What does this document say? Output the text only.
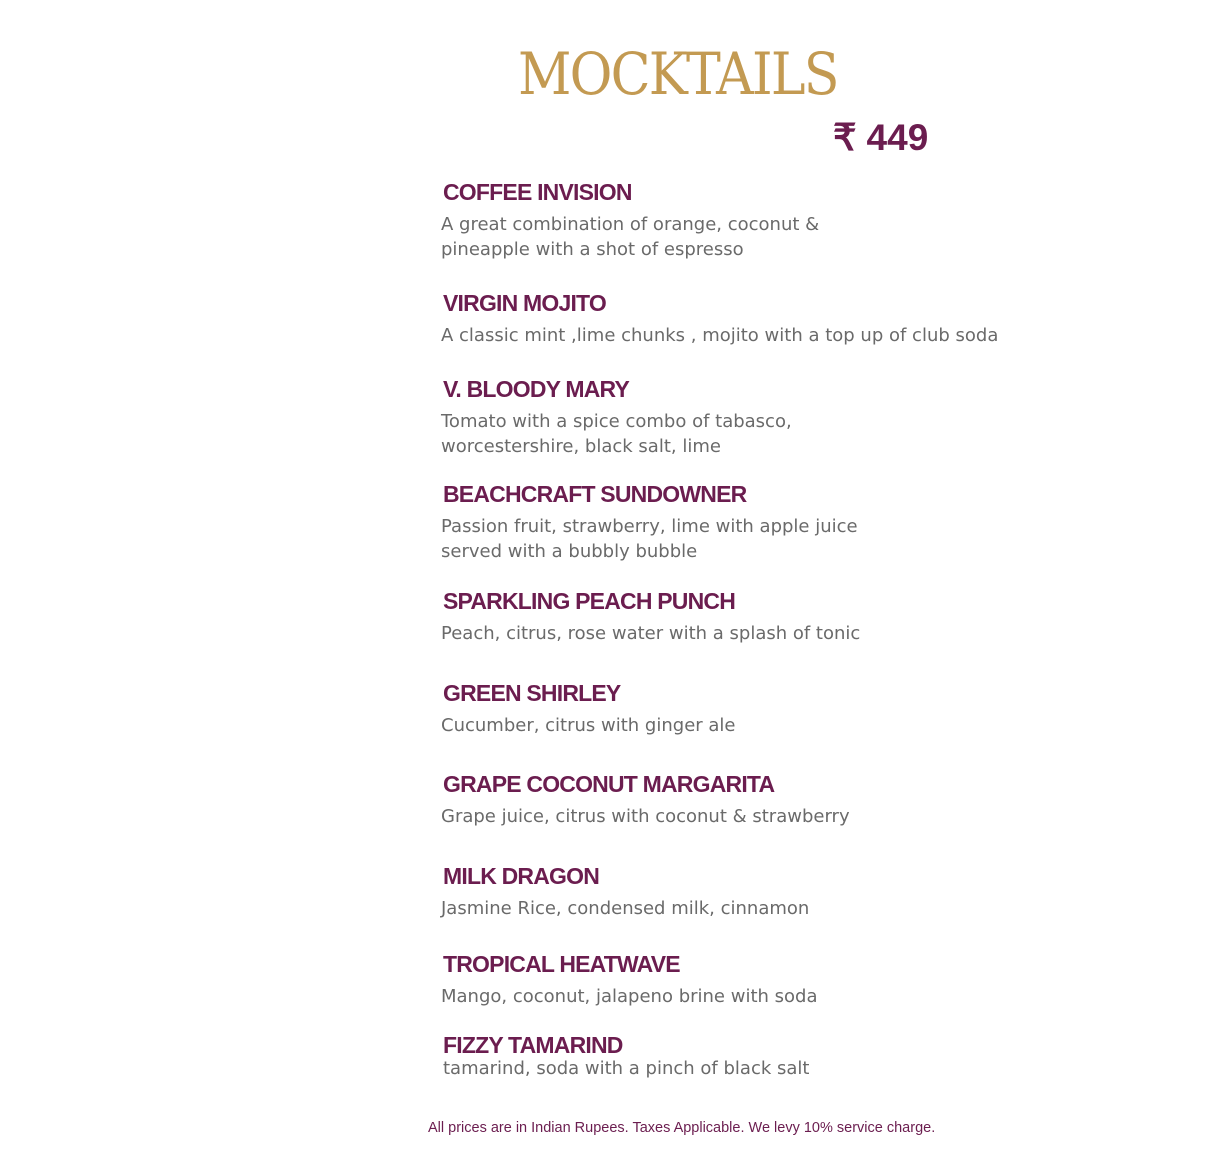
MOCKTAILS
₹ 449
COFFEE INVISION
A great combination of orange, coconut &
pineapple with a shot of espresso
VIRGIN MOJITO
A classic mint ,lime chunks , mojito with a top up of club soda
V. BLOODY MARY
Tomato with a spice combo of tabasco,
worcestershire, black salt, lime
BEACHCRAFT SUNDOWNER
Passion fruit, strawberry, lime with apple juice
served with a bubbly bubble
SPARKLING PEACH PUNCH
Peach, citrus, rose water with a splash of tonic
GREEN SHIRLEY
Cucumber, citrus with ginger ale
GRAPE COCONUT MARGARITA
Grape juice, citrus with coconut & strawberry
MILK DRAGON
Jasmine Rice, condensed milk, cinnamon
TROPICAL HEATWAVE
Mango, coconut, jalapeno brine with soda
FIZZY TAMARIND
tamarind, soda with a pinch of black salt
All prices are in Indian Rupees. Taxes Applicable. We levy 10% service charge.
